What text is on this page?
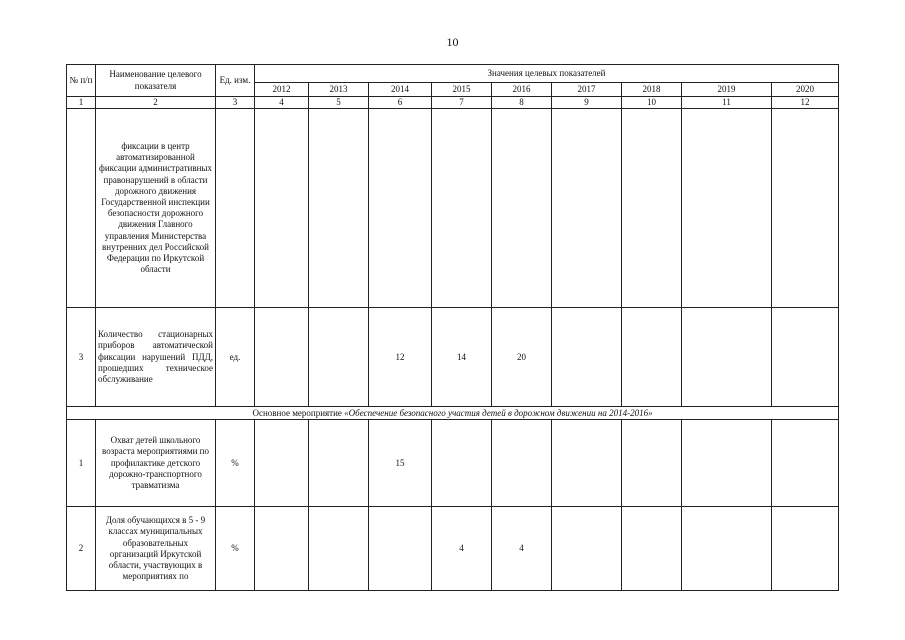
10
№ п/п	Наименование целевого показателя	Ед. изм.	Значения целевых показателей								
			2012	2013	2014	2015	2016	2017	2018	2019	2020
1	2	3	4	5	6	7	8	9	10	11	12
	фиксации в центр автоматизированной фиксации административных правонарушений в области дорожного движения Государственной инспекции безопасности дорожного движения Главного управления Министерства внутренних дел Российской Федерации по Иркутской области										
3	Количество стационарных приборов автоматической фиксации нарушений ПДД, прошедших техническое обслуживание	ед.			12	14	20				
Основное мероприятие «Обеспечение безопасного участия детей в дорожном движении на 2014-2016»											
1	Охват детей школьного возраста мероприятиями по профилактике детского дорожно-транспортного травматизма	%			15						
2	Доля обучающихся в 5 - 9 классах муниципальных образовательных организаций Иркутской области, участвующих в мероприятиях по	%				4	4				
